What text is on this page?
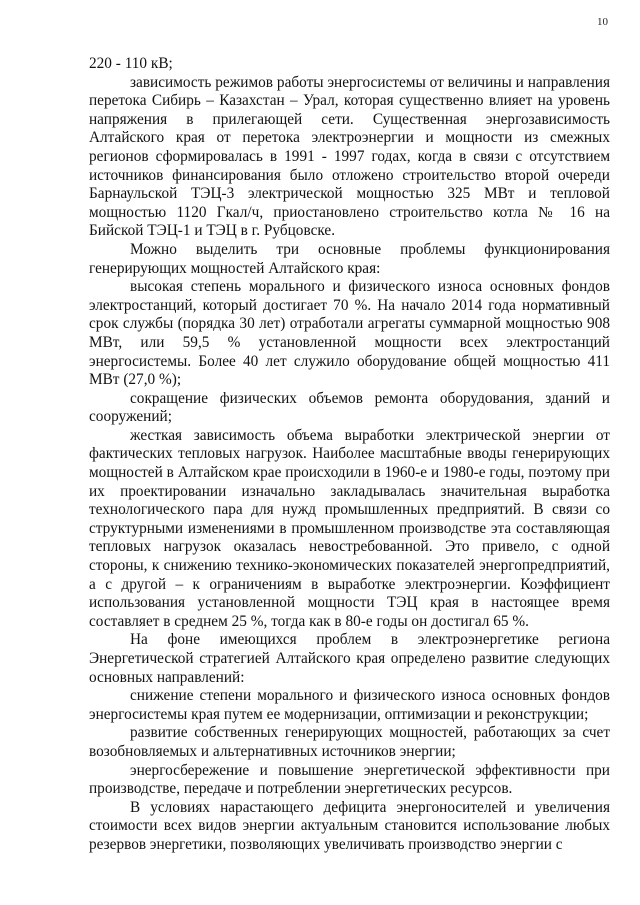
10

220 - 110 кВ;

зависимость режимов работы энергосистемы от величины и направления перетока Сибирь – Казахстан – Урал, которая существенно влияет на уровень напряжения в прилегающей сети. Существенная энергозависимость Алтайского края от перетока электроэнергии и мощности из смежных регионов сформировалась в 1991 - 1997 годах, когда в связи с отсутствием источников финансирования было отложено строительство второй очереди Барнаульской ТЭЦ-3 электрической мощностью 325 МВт и тепловой мощностью 1120 Гкал/ч, приостановлено строительство котла № 16 на Бийской ТЭЦ-1 и ТЭЦ в г. Рубцовске.

Можно выделить три основные проблемы функционирования генерирующих мощностей Алтайского края:

высокая степень морального и физического износа основных фондов электростанций, который достигает 70 %. На начало 2014 года нормативный срок службы (порядка 30 лет) отработали агрегаты суммарной мощностью 908 МВт, или 59,5 % установленной мощности всех электростанций энергосистемы. Более 40 лет служило оборудование общей мощностью 411 МВт (27,0 %);

сокращение физических объемов ремонта оборудования, зданий и сооружений;

жесткая зависимость объема выработки электрической энергии от фактических тепловых нагрузок. Наиболее масштабные вводы генерирующих мощностей в Алтайском крае происходили в 1960-е и 1980-е годы, поэтому при их проектировании изначально закладывалась значительная выработка технологического пара для нужд промышленных предприятий. В связи со структурными изменениями в промышленном производстве эта составляющая тепловых нагрузок оказалась невостребованной. Это привело, с одной стороны, к снижению технико-экономических показателей энергопредприятий, а с другой – к ограничениям в выработке электроэнергии. Коэффициент использования установленной мощности ТЭЦ края в настоящее время составляет в среднем 25 %, тогда как в 80-е годы он достигал 65 %.

На фоне имеющихся проблем в электроэнергетике региона Энергетической стратегией Алтайского края определено развитие следующих основных направлений:

снижение степени морального и физического износа основных фондов энергосистемы края путем ее модернизации, оптимизации и реконструкции;

развитие собственных генерирующих мощностей, работающих за счет возобновляемых и альтернативных источников энергии;

энергосбережение и повышение энергетической эффективности при производстве, передаче и потреблении энергетических ресурсов.

В условиях нарастающего дефицита энергоносителей и увеличения стоимости всех видов энергии актуальным становится использование любых резервов энергетики, позволяющих увеличивать производство энергии с
